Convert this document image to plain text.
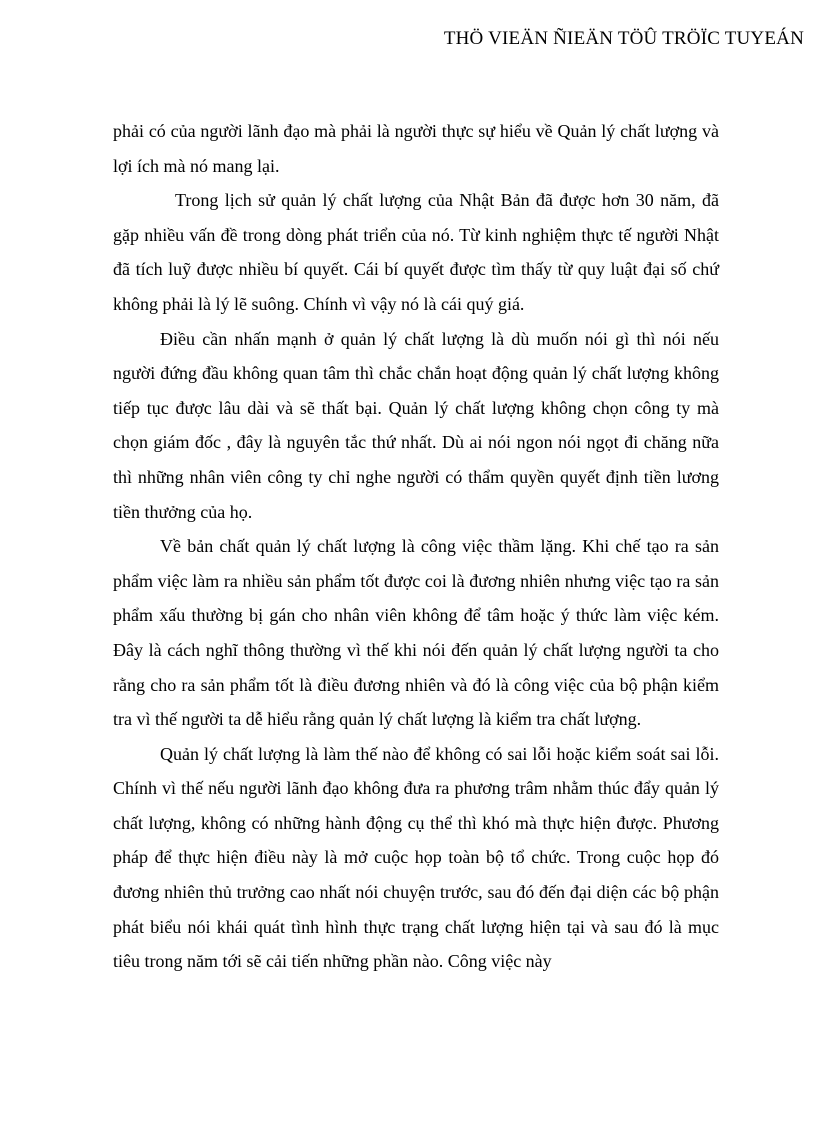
THÖ VIEÄN ÑIEÄN TÖÛ TRÖÏC TUYEÁN

phải có của người lãnh đạo mà phải là người thực sự hiểu về Quản lý chất lượng và lợi ích mà nó mang lại.

Trong lịch sử quản lý chất lượng của Nhật Bản đã được hơn 30 năm, đã gặp nhiều vấn đề trong dòng phát triển của nó. Từ kinh nghiệm thực tế người Nhật đã tích luỹ được nhiều bí quyết. Cái bí quyết được tìm thấy từ quy luật đại số chứ không phải là lý lẽ suông. Chính vì vậy nó là cái quý giá.

Điều cần nhấn mạnh ở quản lý chất lượng là dù muốn nói gì thì nói nếu người đứng đầu không quan tâm thì chắc chắn hoạt động quản lý chất lượng không tiếp tục được lâu dài và sẽ thất bại. Quản lý chất lượng không chọn công ty mà chọn giám đốc , đây là nguyên tắc thứ nhất. Dù ai nói ngon nói ngọt đi chăng nữa thì những nhân viên công ty chỉ nghe người có thẩm quyền quyết định tiền lương tiền thưởng của họ.

Về bản chất quản lý chất lượng là công việc thầm lặng. Khi chế tạo ra sản phẩm việc làm ra nhiều sản phẩm tốt được coi là đương nhiên nhưng việc tạo ra sản phẩm xấu thường bị gán cho nhân viên không để tâm hoặc ý thức làm việc kém. Đây là cách nghĩ thông thường vì thế khi nói đến quản lý chất lượng người ta cho rằng cho ra sản phẩm tốt là điều đương nhiên và đó là công việc của bộ phận kiểm tra vì thế người ta dễ hiểu rằng quản lý chất lượng là kiểm tra chất lượng.

Quản lý chất lượng là làm thế nào để không có sai lỗi hoặc kiểm soát sai lỗi. Chính vì thế nếu người lãnh đạo không đưa ra phương trâm nhằm thúc đẩy quản lý chất lượng, không có những hành động cụ thể thì khó mà thực hiện được. Phương pháp để thực hiện điều này là mở cuộc họp toàn bộ tổ chức. Trong cuộc họp đó đương nhiên thủ trưởng cao nhất nói chuyện trước, sau đó đến đại diện các bộ phận phát biểu nói khái quát tình hình thực trạng chất lượng hiện tại và sau đó là mục tiêu trong năm tới sẽ cải tiến những phần nào. Công việc này
